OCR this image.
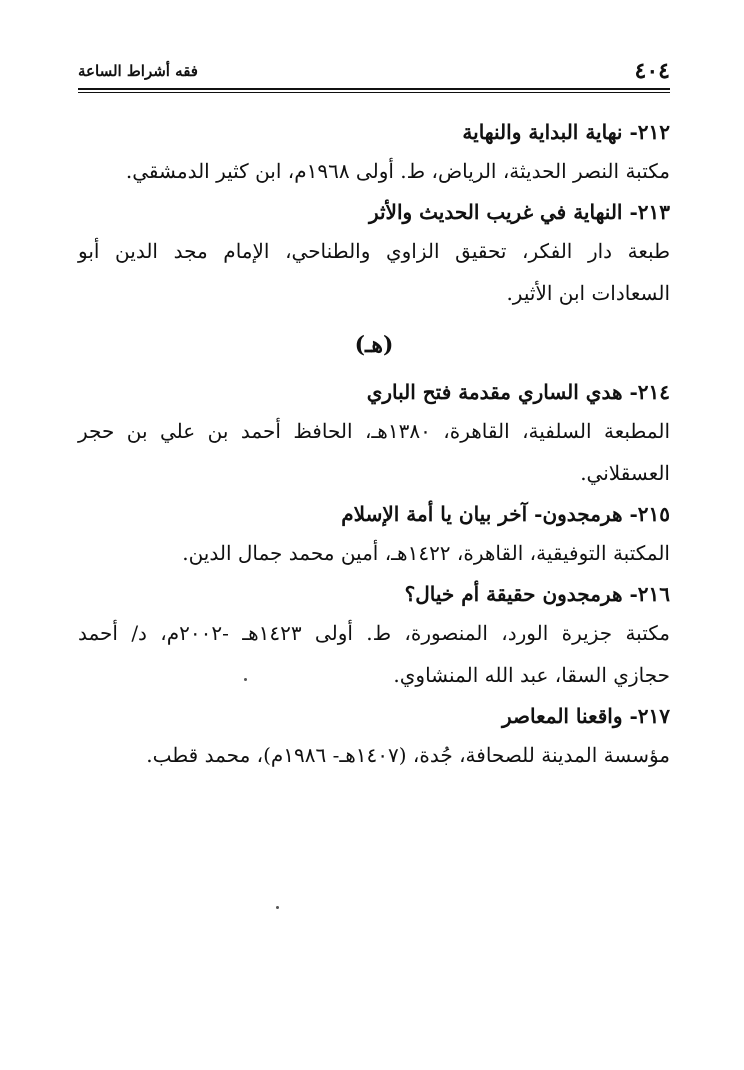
٤٠٤
فقه أشراط الساعة

٢١٢- نهاية البداية والنهاية

مكتبة النصر الحديثة، الرياض، ط. أولى ١٩٦٨م، ابن كثير الدمشقي.

٢١٣- النهاية في غريب الحديث والأثر

طبعة دار الفكر، تحقيق الزاوي والطناحي، الإمام مجد الدين أبو السعادات ابن الأثير.

(هـ)

٢١٤- هدي الساري مقدمة فتح الباري

المطبعة السلفية، القاهرة، ١٣٨٠هـ، الحافظ أحمد بن علي بن حجر العسقلاني.

٢١٥- هرمجدون- آخر بيان يا أمة الإسلام

المكتبة التوفيقية، القاهرة، ١٤٢٢هـ، أمين محمد جمال الدين.

٢١٦- هرمجدون حقيقة أم خيال؟

مكتبة جزيرة الورد، المنصورة، ط. أولى ١٤٢٣هـ -٢٠٠٢م، د/ أحمد حجازي السقا، عبد الله المنشاوي.

٢١٧- واقعنا المعاصر

مؤسسة المدينة للصحافة، جُدة، (١٤٠٧هـ- ١٩٨٦م)، محمد قطب.
